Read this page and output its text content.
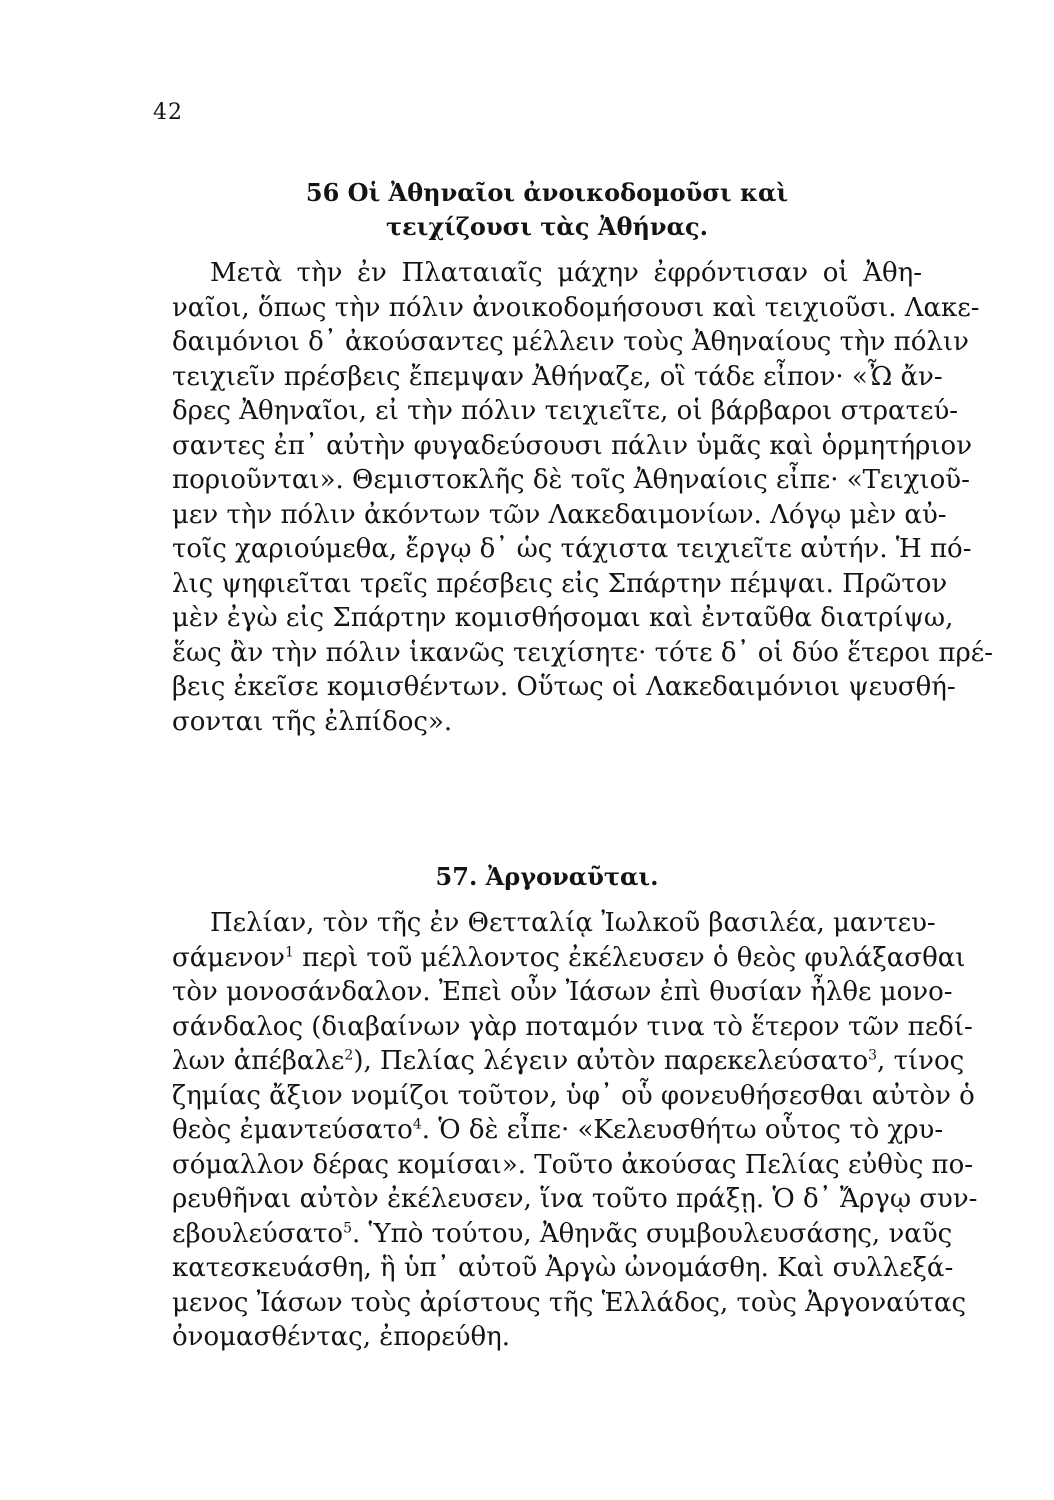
42
56 Οἱ Ἀθηναῖοι ἀνοικοδομοῦσι καὶ
τειχίζουσι τὰς Ἀθήνας.
Μετὰ τὴν ἐν Πλαταιαῖς μάχην ἐφρόντισαν οἱ Ἀθη-
ναῖοι, ὅπως τὴν πόλιν ἀνοικοδομήσουσι καὶ τειχιοῦσι. Λακε-
δαιμόνιοι δ᾽ ἀκούσαντες μέλλειν τοὺς Ἀθηναίους τὴν πόλιν
τειχιεῖν πρέσβεις ἔπεμψαν Ἀθήναζε, οἳ τάδε εἶπον· «Ὦ ἄν-
δρες Ἀθηναῖοι, εἰ τὴν πόλιν τειχιεῖτε, οἱ βάρβαροι στρατεύ-
σαντες ἐπ᾽ αὐτὴν φυγαδεύσουσι πάλιν ὑμᾶς καὶ ὁρμητήριον
ποριοῦνται». Θεμιστοκλῆς δὲ τοῖς Ἀθηναίοις εἶπε· «Τειχιοῦ-
μεν τὴν πόλιν ἀκόντων τῶν Λακεδαιμονίων. Λόγῳ μὲν αὐ-
τοῖς χαριούμεθα, ἔργῳ δ᾽ ὡς τάχιστα τειχιεῖτε αὐτήν. Ἡ πό-
λις ψηφιεῖται τρεῖς πρέσβεις εἰς Σπάρτην πέμψαι. Πρῶτον
μὲν ἐγὼ εἰς Σπάρτην κομισθήσομαι καὶ ἐνταῦθα διατρίψω,
ἕως ἂν τὴν πόλιν ἱκανῶς τειχίσητε· τότε δ᾽ οἱ δύο ἕτεροι πρέ-
βεις ἐκεῖσε κομισθέντων. Οὕτως οἱ Λακεδαιμόνιοι ψευσθή-
σονται τῆς ἐλπίδος».
57. Ἀργοναῦται.
Πελίαν, τὸν τῆς ἐν Θετταλίᾳ Ἰωλκοῦ βασιλέα, μαντευ-
σάμενον$^1$ περὶ τοῦ μέλλοντος ἐκέλευσεν ὁ θεὸς φυλάξασθαι
τὸν μονοσάνδαλον. Ἐπεὶ οὖν Ἰάσων ἐπὶ θυσίαν ἦλθε μονο-
σάνδαλος (διαβαίνων γὰρ ποταμόν τινα τὸ ἕτερον τῶν πεδί-
λων ἀπέβαλε$^2$), Πελίας λέγειν αὐτὸν παρεκελεύσατο$^3$, τίνος
ζημίας ἄξιον νομίζοι τοῦτον, ὑφ᾽ οὗ φονευθήσεσθαι αὐτὸν ὁ
θεὸς ἐμαντεύσατο$^4$. Ὁ δὲ εἶπε· «Κελευσθήτω οὗτος τὸ χρυ-
σόμαλλον δέρας κομίσαι». Τοῦτο ἀκούσας Πελίας εὐθὺς πο-
ρευθῆναι αὐτὸν ἐκέλευσεν, ἵνα τοῦτο πράξῃ. Ὁ δ᾽ Ἄργῳ συν-
εβουλεύσατο$^5$. Ὑπὸ τούτου, Ἀθηνᾶς συμβουλευσάσης, ναῦς
κατεσκευάσθη, ἣ ὑπ᾽ αὐτοῦ Ἀργὼ ὠνομάσθη. Καὶ συλλεξά-
μενος Ἰάσων τοὺς ἀρίστους τῆς Ἑλλάδος, τοὺς Ἀργοναύτας
ὀνομασθέντας, ἐπορεύθη.
